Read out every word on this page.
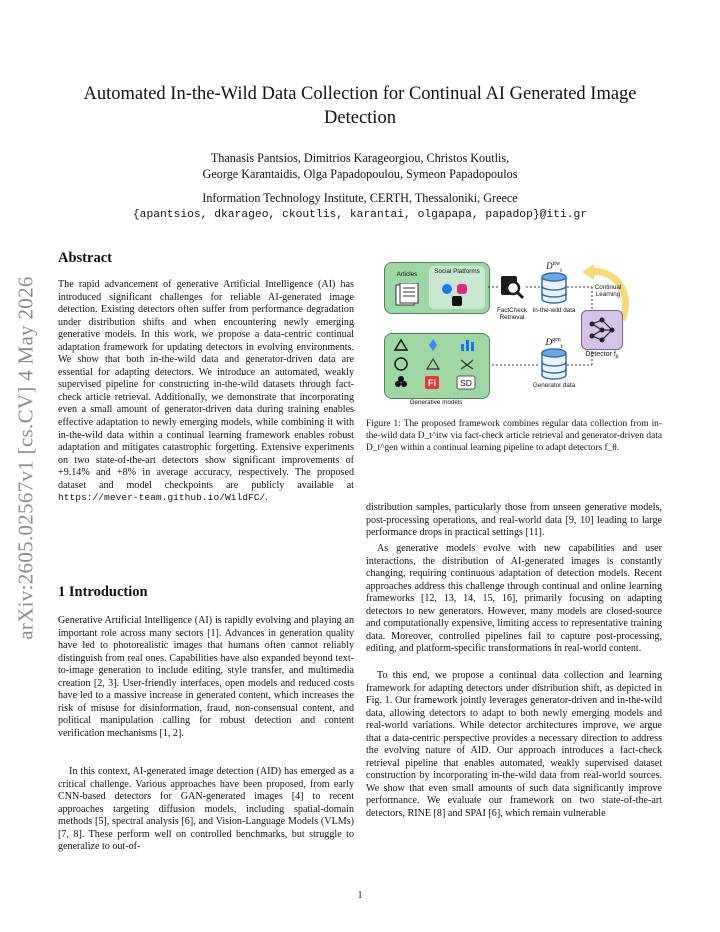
arXiv:2605.02567v1 [cs.CV] 4 May 2026
Automated In-the-Wild Data Collection for Continual AI Generated Image Detection
Thanasis Pantsios, Dimitrios Karageorgiou, Christos Koutlis,
George Karantaidis, Olga Papadopoulou, Symeon Papadopoulos
Information Technology Institute, CERTH, Thessaloniki, Greece
{apantsios, dkarageo, ckoutlis, karantai, olgapapa, papadop}@iti.gr
Abstract

The rapid advancement of generative Artificial Intelligence (AI) has introduced significant challenges for reliable AI-generated image detection. Existing detectors often suffer from performance degradation under distribution shifts and when encountering newly emerging generative models. In this work, we propose a data-centric continual adaptation framework for updating detectors in evolving environments. We show that both in-the-wild data and generator-driven data are essential for adapting detectors. We introduce an automated, weakly supervised pipeline for constructing in-the-wild datasets through fact-check article retrieval. Additionally, we demonstrate that incorporating even a small amount of generator-driven data during training enables effective adaptation to newly emerging models, while combining it with in-the-wild data within a continual learning framework enables robust adaptation and mitigates catastrophic forgetting. Extensive experiments on two state-of-the-art detectors show significant improvements of +9.14% and +8% in average accuracy, respectively. The proposed dataset and model checkpoints are publicly available at https://mever-team.github.io/WildFC/.

1 Introduction

Generative Artificial Intelligence (AI) is rapidly evolving and playing an important role across many sectors [1]. Advances in generation quality have led to photorealistic images that humans often cannot reliably distinguish from real ones. Capabilities have also expanded beyond text-to-image generation to include editing, style transfer, and multimedia creation [2, 3]. User-friendly interfaces, open models and reduced costs have led to a massive increase in generated content, which increases the risk of misuse for disinformation, fraud, non-consensual content, and political manipulation calling for robust detection and content verification mechanisms [1, 2].

In this context, AI-generated image detection (AID) has emerged as a critical challenge. Various approaches have been proposed, from early CNN-based detectors for GAN-generated images [4] to recent approaches targeting diffusion models, including spatial-domain methods [5], spectral analysis [6], and Vision-Language Models (VLMs) [7, 8]. These perform well on controlled benchmarks, but struggle to generalize to out-of-

Articles	Social Platforms
FactCheck Retrieval
$D^{itw}_t$
In-the-wild data
Continual Learning
Detector $f_\theta$
$D^{gen}_t$
Generator data
Fi	SD
Generative models

Figure 1: The proposed framework combines regular data collection from in-the-wild data D_t^itw via fact-check article retrieval and generator-driven data D_t^gen within a continual learning pipeline to adapt detectors f_θ.

distribution samples, particularly those from unseen generative models, post-processing operations, and real-world data [9, 10] leading to large performance drops in practical settings [11].

As generative models evolve with new capabilities and user interactions, the distribution of AI-generated images is constantly changing, requiring continuous adaptation of detection models. Recent approaches address this challenge through continual and online learning frameworks [12, 13, 14, 15, 16], primarily focusing on adapting detectors to new generators. However, many models are closed-source and computationally expensive, limiting access to representative training data. Moreover, controlled pipelines fail to capture post-processing, editing, and platform-specific transformations in real-world content.

To this end, we propose a continual data collection and learning framework for adapting detectors under distribution shift, as depicted in Fig. 1. Our framework jointly leverages generator-driven and in-the-wild data, allowing detectors to adapt to both newly emerging models and real-world variations. While detector architectures improve, we argue that a data-centric perspective provides a necessary direction to address the evolving nature of AID. Our approach introduces a fact-check retrieval pipeline that enables automated, weakly supervised dataset construction by incorporating in-the-wild data from real-world sources. We show that even small amounts of such data significantly improve performance. We evaluate our framework on two state-of-the-art detectors, RINE [8] and SPAI [6], which remain vulnerable

1
